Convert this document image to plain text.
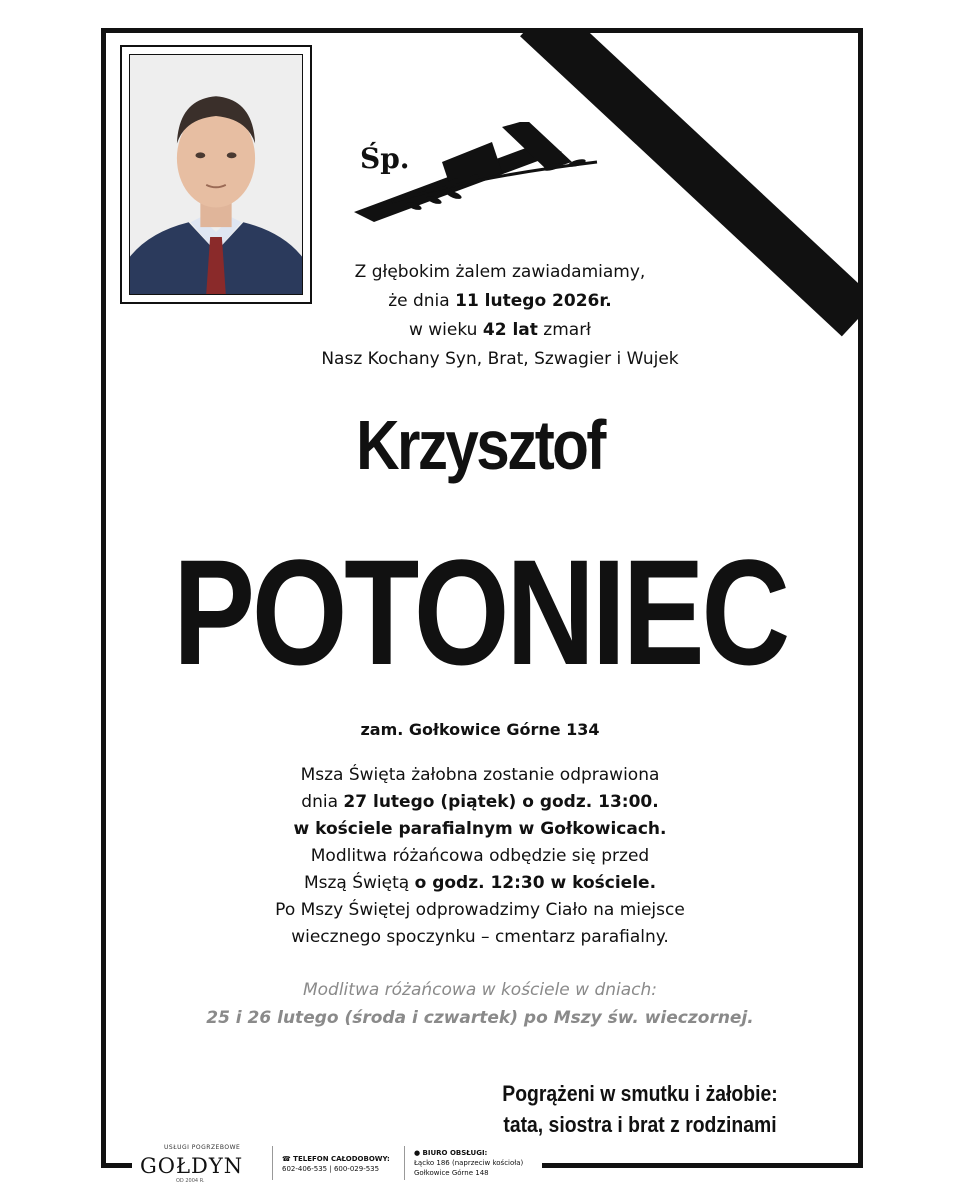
Śp.

Z głębokim żalem zawiadamiamy,

że dnia 11 lutego 2026r.

w wieku 42 lat zmarł

Nasz Kochany Syn, Brat, Szwagier i Wujek

Krzysztof
POTONIEC
zam. Gołkowice Górne 134

Msza Święta żałobna zostanie odprawiona

dnia 27 lutego (piątek) o godz. 13:00.

w kościele parafialnym w Gołkowicach.

Modlitwa różańcowa odbędzie się przed

Mszą Świętą o godz. 12:30 w kościele.

Po Mszy Świętej odprowadzimy Ciało na miejsce

wiecznego spoczynku – cmentarz parafialny.

Modlitwa różańcowa w kościele w dniach:

25 i 26 lutego (środa i czwartek) po Mszy św. wieczornej.

Pogrążeni w smutku i żałobie:

tata, siostra i brat z rodzinami

USŁUGI POGRZEBOWE
GOŁDYN
OD 2004 R.
☎ TELEFON CAŁODOBOWY:
602-406-535 | 600-029-535
● BIURO OBSŁUGI:
Łącko 186 (naprzeciw kościoła)
Gołkowice Górne 148
